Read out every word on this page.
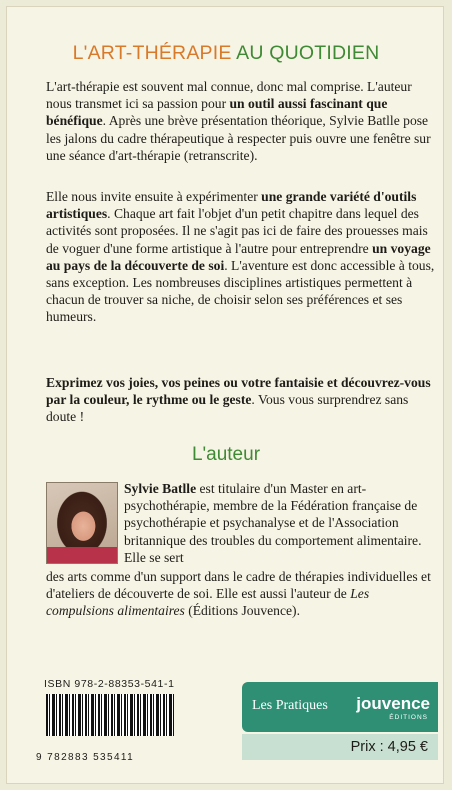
L'ART-THÉRAPIE AU QUOTIDIEN

L'art-thérapie est souvent mal connue, donc mal comprise. L'auteur nous transmet ici sa passion pour un outil aussi fascinant que bénéfique. Après une brève présentation théorique, Sylvie Batlle pose les jalons du cadre thérapeutique à respecter puis ouvre une fenêtre sur une séance d'art-thérapie (retranscrite).

Elle nous invite ensuite à expérimenter une grande variété d'outils artistiques. Chaque art fait l'objet d'un petit chapitre dans lequel des activités sont proposées. Il ne s'agit pas ici de faire des prouesses mais de voguer d'une forme artistique à l'autre pour entreprendre un voyage au pays de la découverte de soi. L'aventure est donc accessible à tous, sans exception. Les nombreuses disciplines artistiques permettent à chacun de trouver sa niche, de choisir selon ses préférences et ses humeurs.

Exprimez vos joies, vos peines ou votre fantaisie et découvrez-vous par la couleur, le rythme ou le geste. Vous vous surprendrez sans doute !

L'auteur

Sylvie Batlle est titulaire d'un Master en art-psychothérapie, membre de la Fédération française de psychothérapie et psychanalyse et de l'Association britannique des troubles du comportement alimentaire. Elle se sert

des arts comme d'un support dans le cadre de thérapies individuelles et d'ateliers de découverte de soi. Elle est aussi l'auteur de Les compulsions alimentaires (Éditions Jouvence).

ISBN 978-2-88353-541-1
9 782883 535411
Les Pratiques jouvence
ÉDITIONS
Prix : 4,95 €
